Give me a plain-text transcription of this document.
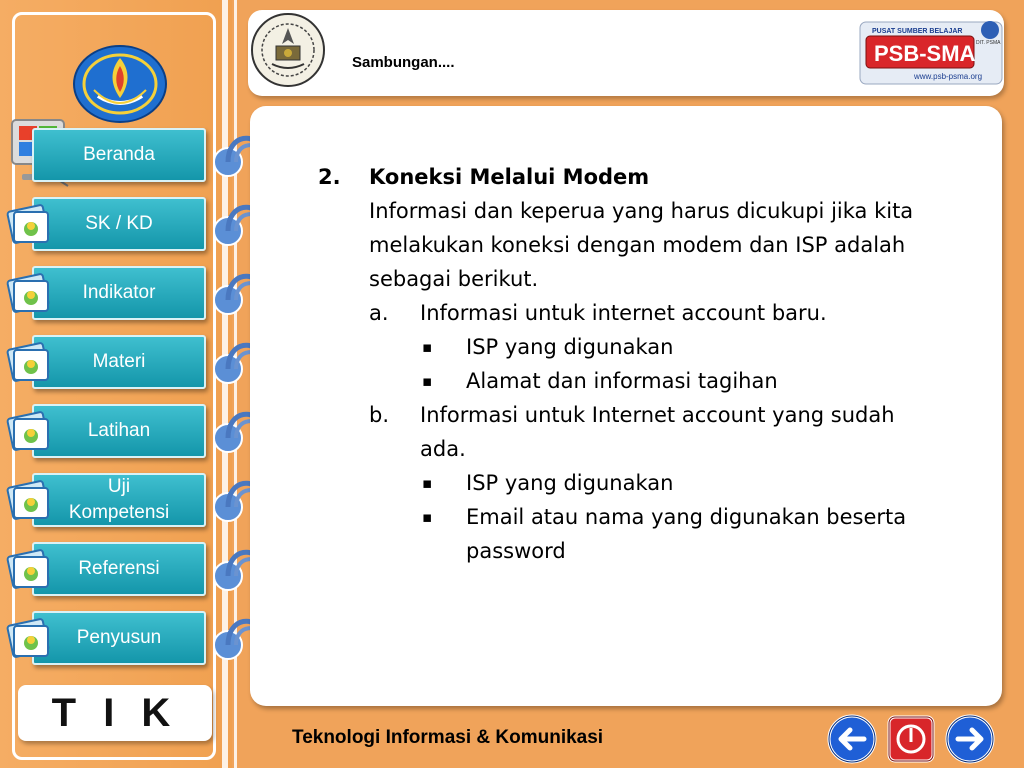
Beranda
SK / KD
Indikator
Materi
Latihan
Uji Kompetensi
Referensi
Penyusun
T I K
Sambungan....
PUSAT SUMBER BELAJAR
PSB-SMA DIT. PSMA
www.psb-psma.org
2. Koneksi Melalui Modem
Informasi dan keperua yang harus dicukupi jika kita
melakukan koneksi dengan modem dan ISP adalah
sebagai berikut.
a. Informasi untuk internet account baru.
▪ ISP yang digunakan
▪ Alamat dan informasi tagihan
b. Informasi untuk Internet account yang sudah
ada.
▪ ISP yang digunakan
▪ Email atau nama yang digunakan beserta
password
Teknologi Informasi & Komunikasi
